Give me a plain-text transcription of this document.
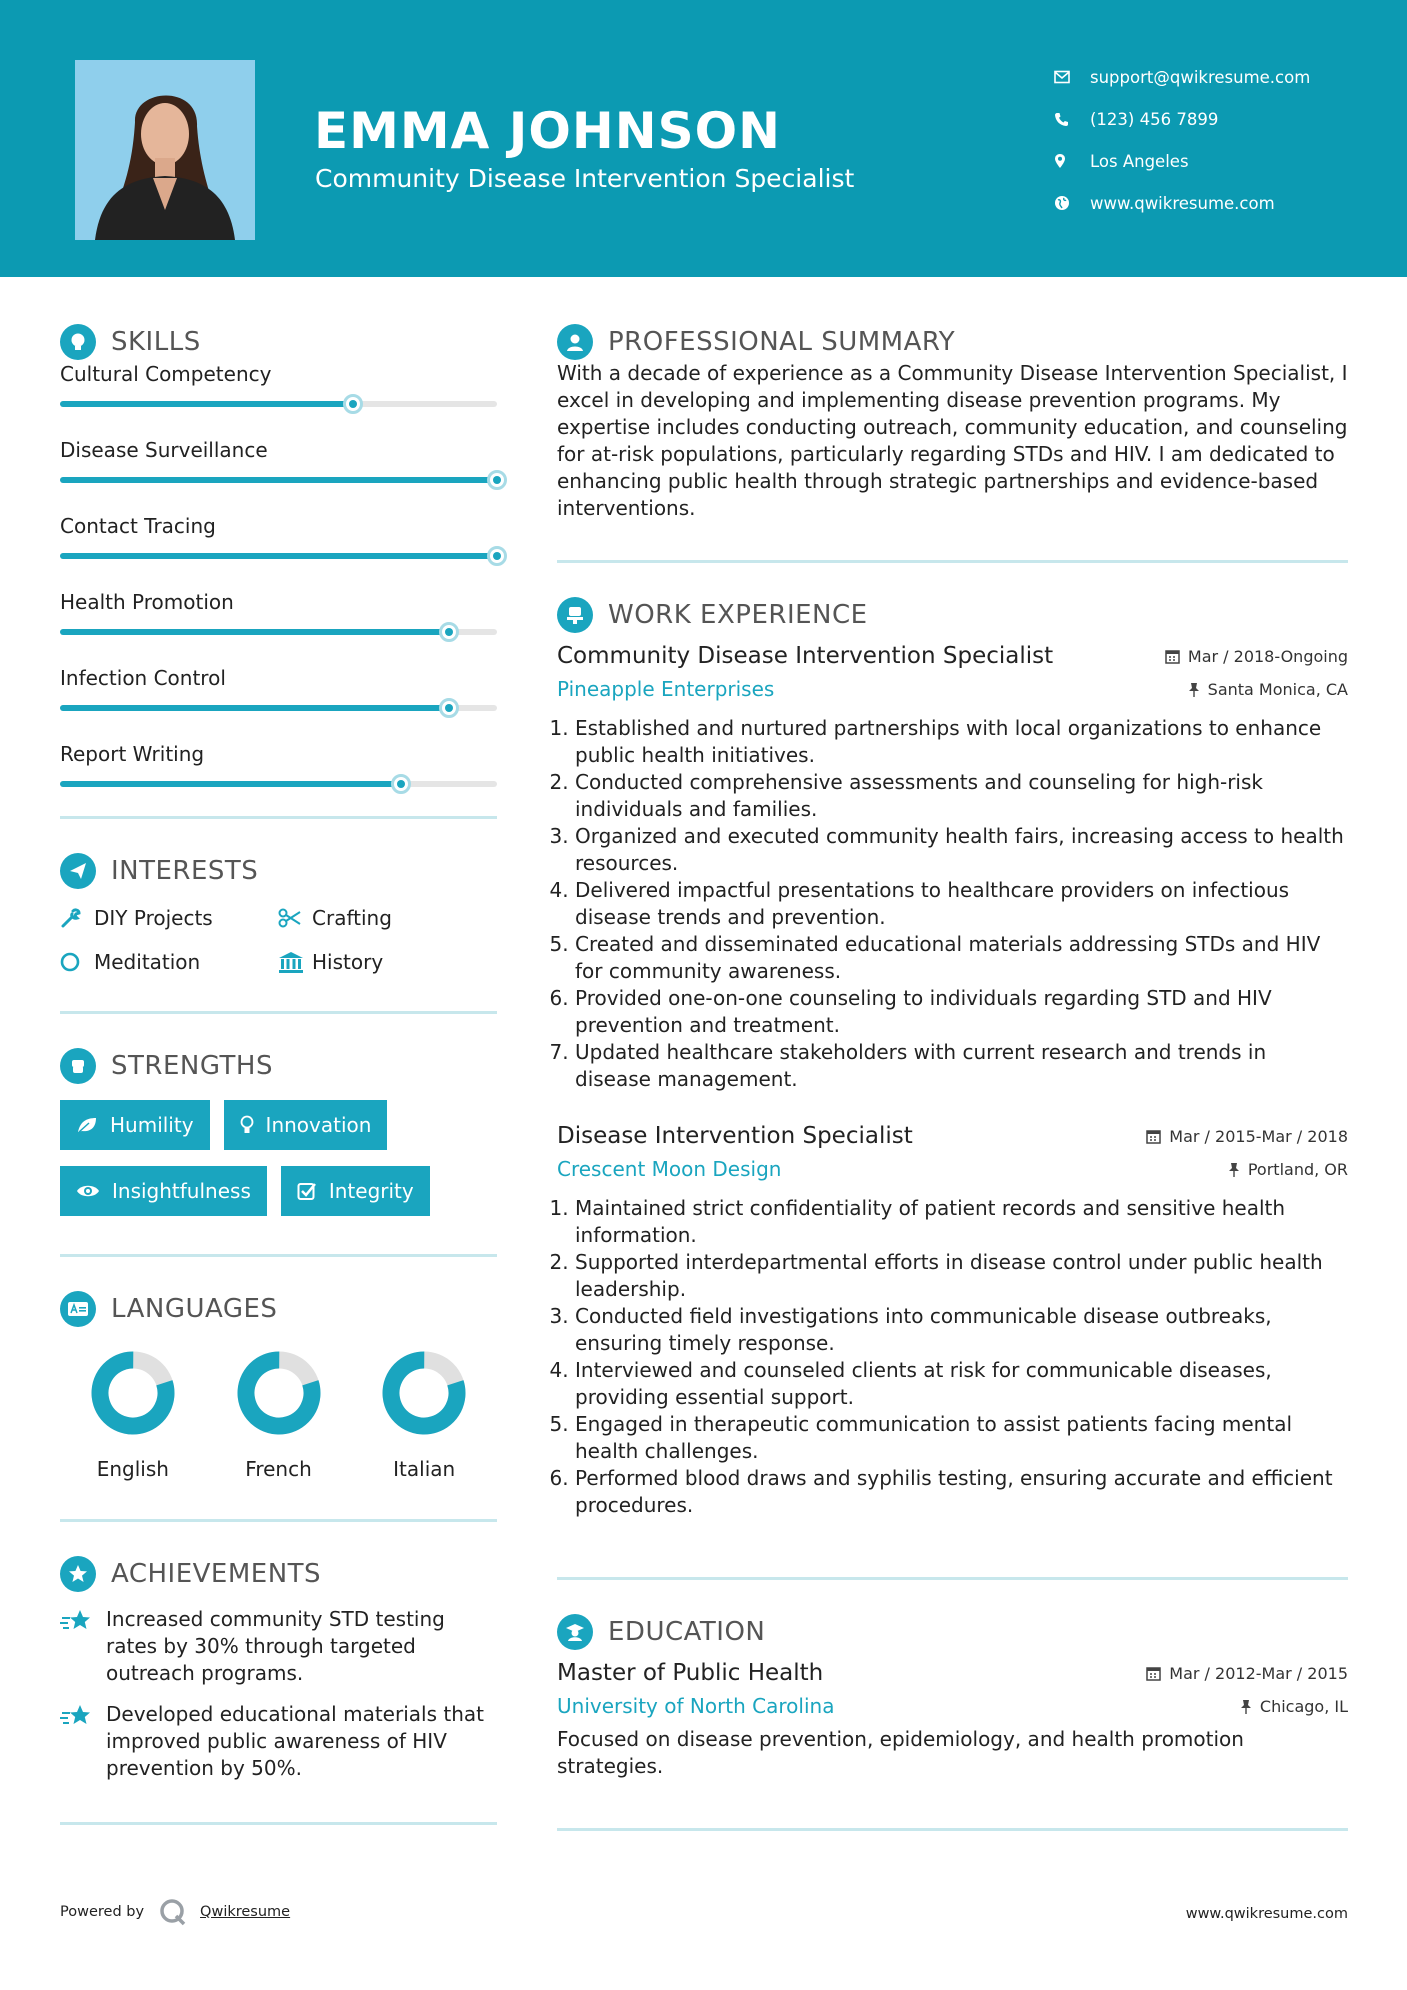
EMMA JOHNSON
Community Disease Intervention Specialist
support@qwikresume.com
(123) 456 7899
Los Angeles
www.qwikresume.com
SKILLS
Cultural Competency
Disease Surveillance
Contact Tracing
Health Promotion
Infection Control
Report Writing
INTERESTS
DIY Projects	Crafting
Meditation	History
STRENGTHS
Humility	Innovation
Insightfulness	Integrity
LANGUAGES
English	French	Italian
ACHIEVEMENTS
Increased community STD testing rates by 30% through targeted outreach programs.
Developed educational materials that improved public awareness of HIV prevention by 50%.
PROFESSIONAL SUMMARY

With a decade of experience as a Community Disease Intervention Specialist, I excel in developing and implementing disease prevention programs. My expertise includes conducting outreach, community education, and counseling for at-risk populations, particularly regarding STDs and HIV. I am dedicated to enhancing public health through strategic partnerships and evidence-based interventions.

WORK EXPERIENCE
Community Disease Intervention Specialist	Mar / 2018-Ongoing
Pineapple Enterprises	Santa Monica, CA
1. Established and nurtured partnerships with local organizations to enhance public health initiatives.
2. Conducted comprehensive assessments and counseling for high-risk individuals and families.
3. Organized and executed community health fairs, increasing access to health resources.
4. Delivered impactful presentations to healthcare providers on infectious disease trends and prevention.
5. Created and disseminated educational materials addressing STDs and HIV for community awareness.
6. Provided one-on-one counseling to individuals regarding STD and HIV prevention and treatment.
7. Updated healthcare stakeholders with current research and trends in disease management.
Disease Intervention Specialist	Mar / 2015-Mar / 2018
Crescent Moon Design	Portland, OR
1. Maintained strict confidentiality of patient records and sensitive health information.
2. Supported interdepartmental efforts in disease control under public health leadership.
3. Conducted field investigations into communicable disease outbreaks, ensuring timely response.
4. Interviewed and counseled clients at risk for communicable diseases, providing essential support.
5. Engaged in therapeutic communication to assist patients facing mental health challenges.
6. Performed blood draws and syphilis testing, ensuring accurate and efficient procedures.
EDUCATION
Master of Public Health	Mar / 2012-Mar / 2015
University of North Carolina	Chicago, IL

Focused on disease prevention, epidemiology, and health promotion strategies.

Powered by	Qwikresume	www.qwikresume.com
